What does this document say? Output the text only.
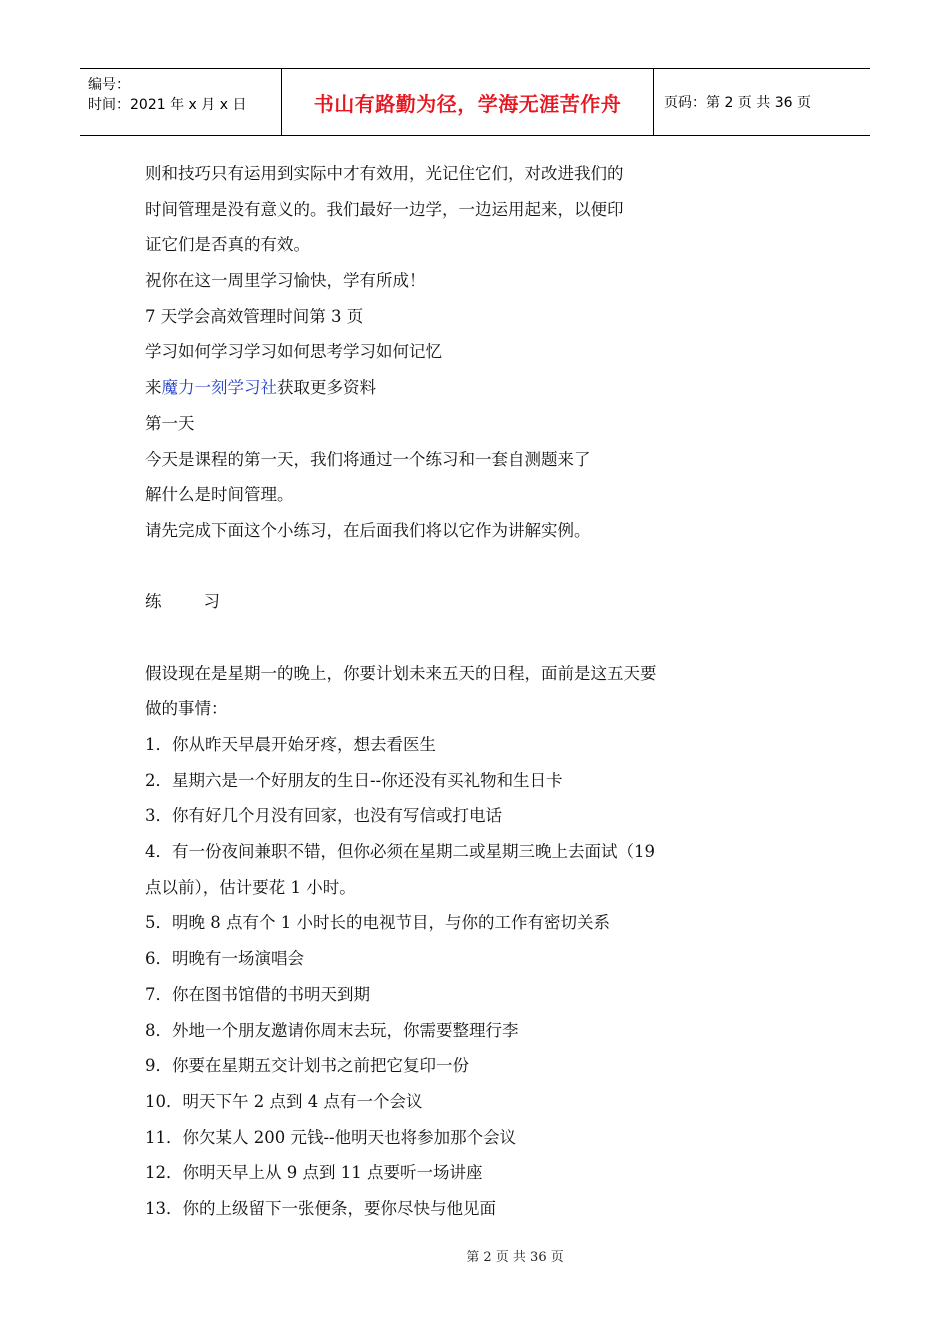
编号：
时间：2021 年 x 月 x 日	书山有路勤为径，学海无涯苦作舟	页码：第 2 页 共 36 页
则和技巧只有运用到实际中才有效用，光记住它们，对改进我们的
时间管理是没有意义的。我们最好一边学，一边运用起来，以便印
证它们是否真的有效。
祝你在这一周里学习愉快，学有所成！
7 天学会高效管理时间第 3 页
学习如何学习学习如何思考学习如何记忆
来魔力一刻学习社获取更多资料
第一天
今天是课程的第一天，我们将通过一个练习和一套自测题来了
解什么是时间管理。
请先完成下面这个小练习，在后面我们将以它作为讲解实例。
练	习
假设现在是星期一的晚上，你要计划未来五天的日程，面前是这五天要
做的事情：
1．你从昨天早晨开始牙疼，想去看医生
2．星期六是一个好朋友的生日--你还没有买礼物和生日卡
3．你有好几个月没有回家，也没有写信或打电话
4．有一份夜间兼职不错，但你必须在星期二或星期三晚上去面试（19
点以前），估计要花 1 小时。
5．明晚 8 点有个 1 小时长的电视节目，与你的工作有密切关系
6．明晚有一场演唱会
7．你在图书馆借的书明天到期
8．外地一个朋友邀请你周末去玩，你需要整理行李
9．你要在星期五交计划书之前把它复印一份
10．明天下午 2 点到 4 点有一个会议
11．你欠某人 200 元钱--他明天也将参加那个会议
12．你明天早上从 9 点到 11 点要听一场讲座
13．你的上级留下一张便条，要你尽快与他见面
第 2 页 共 36 页
